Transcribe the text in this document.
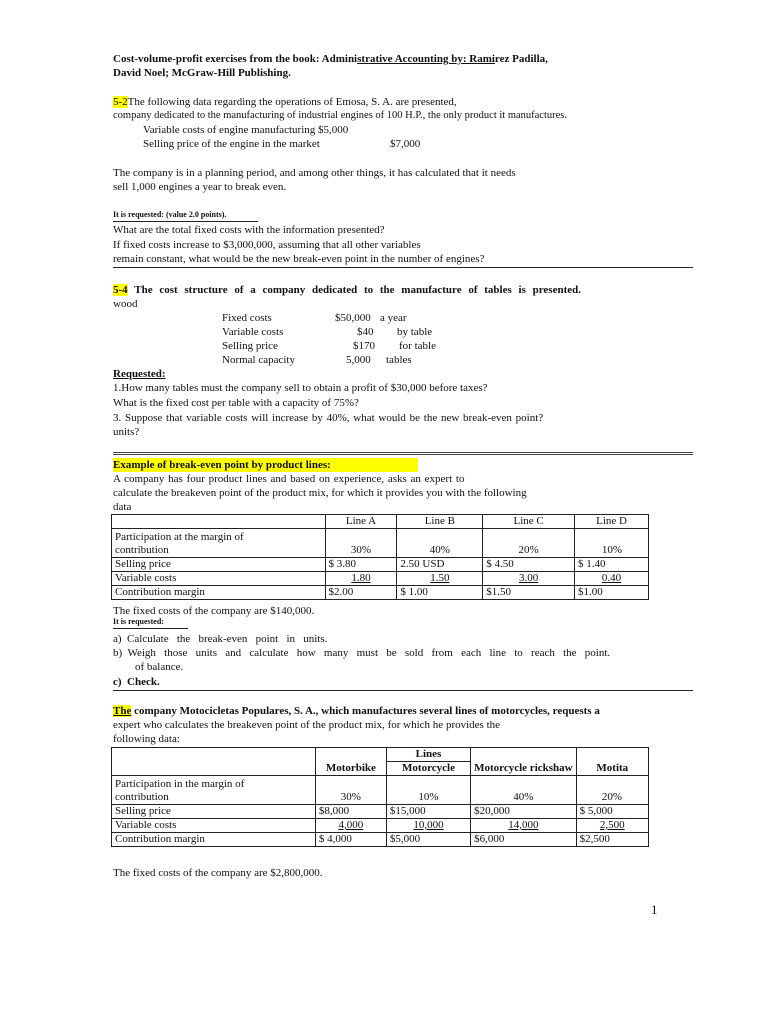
Cost-volume-profit exercises from the book: Administrative Accounting by: Ramirez Padilla,
David Noel; McGraw-Hill Publishing.
5-2The following data regarding the operations of Emosa, S. A. are presented,
company dedicated to the manufacturing of industrial engines of 100 H.P., the only product it manufactures.
Variable costs of engine manufacturing $5,000
Selling price of the engine in the market	$7,000
The company is in a planning period, and among other things, it has calculated that it needs
sell 1,000 engines a year to break even.
It is requested: (value 2.0 points).
What are the total fixed costs with the information presented?
If fixed costs increase to $3,000,000, assuming that all other variables
remain constant, what would be the new break-even point in the number of engines?
5-4 The cost structure of a company dedicated to the manufacture of tables is presented.
wood
Fixed costs	$50,000 a year
Variable costs	$40 by table
Selling price	$170 for table
Normal capacity	5,000 tables
Requested:
1.How many tables must the company sell to obtain a profit of $30,000 before taxes?
What is the fixed cost per table with a capacity of 75%?
3. Suppose that variable costs will increase by 40%, what would be the new break-even point?
units?
Example of break-even point by product lines:
A company has four product lines and based on experience, asks an expert to
calculate the breakeven point of the product mix, for which it provides you with the following
data
	Line A	Line B	Line C	Line D

Participation at the margin of
contribution	30%	40%	20%	10%
Selling price	$ 3.80	2.50 USD	$ 4.50	$ 1.40
Variable costs	1.80	1.50	3.00	0.40
Contribution margin	$2.00	$ 1.00	$1.50	$1.00
The fixed costs of the company are $140,000.
It is requested:
a)  Calculate   the   break-even   point   in   units.
b)  Weigh   those   units   and   calculate   how   many   must   be   sold   from   each   line   to   reach   the   point.
of balance.
c)  Check.
The company Motocicletas Populares, S. A., which manufactures several lines of motorcycles, requests a
expert who calculates the breakeven point of the product mix, for which he provides the
following data:
		Lines		
	Motorbike	Motorcycle	Motorcycle rickshaw	Motita

Participation in the margin of
contribution	30%	10%	40%	20%
Selling price	$8,000	$15,000	$20,000	$ 5,000
Variable costs	4,000	10,000	14,000	2,500
Contribution margin	$ 4,000	$5,000	$6,000	$2,500
The fixed costs of the company are $2,800,000.
1
